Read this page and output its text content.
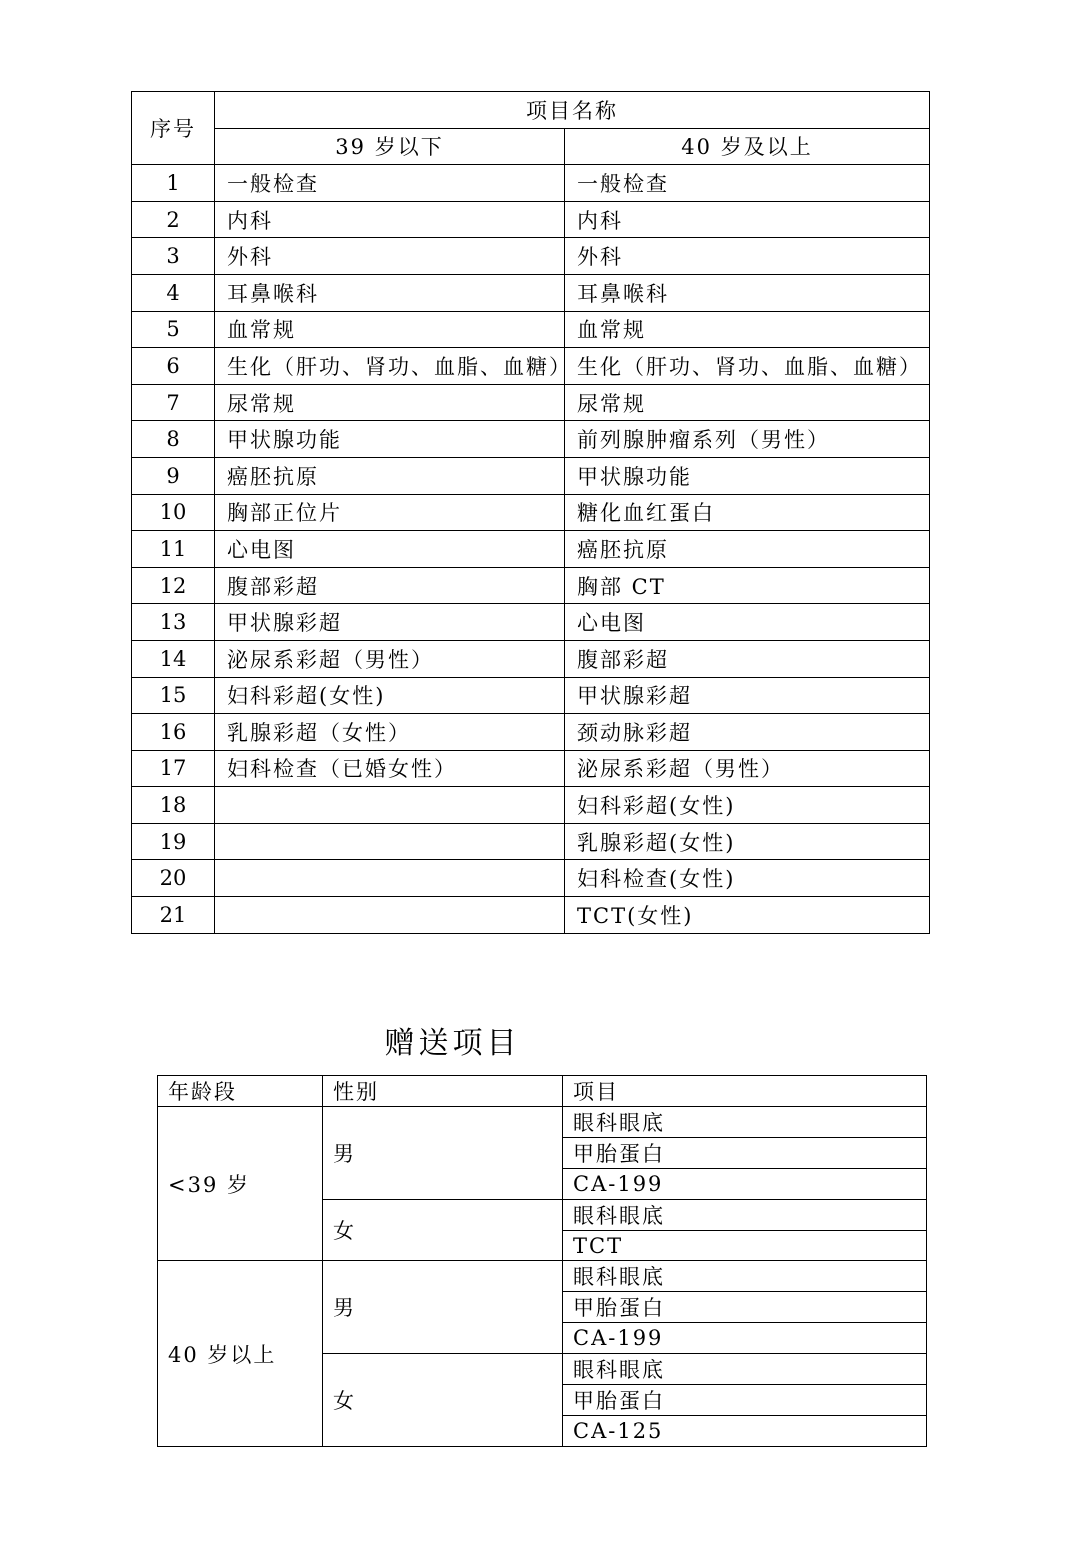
序号	项目名称	
	39 岁以下	40 岁及以上
1	一般检查	一般检查
2	内科	内科
3	外科	外科
4	耳鼻喉科	耳鼻喉科
5	血常规	血常规
6	生化（肝功、肾功、血脂、血糖）	生化（肝功、肾功、血脂、血糖）
7	尿常规	尿常规
8	甲状腺功能	前列腺肿瘤系列（男性）
9	癌胚抗原	甲状腺功能
10	胸部正位片	糖化血红蛋白
11	心电图	癌胚抗原
12	腹部彩超	胸部 CT
13	甲状腺彩超	心电图
14	泌尿系彩超（男性）	腹部彩超
15	妇科彩超(女性)	甲状腺彩超
16	乳腺彩超（女性）	颈动脉彩超
17	妇科检查（已婚女性）	泌尿系彩超（男性）
18		妇科彩超(女性)
19		乳腺彩超(女性)
20		妇科检查(女性)
21		TCT(女性)
赠送项目
年龄段	性别	项目
<39 岁	男	眼科眼底
		甲胎蛋白
		CA-199
	女	眼科眼底
		TCT
40 岁以上	男	眼科眼底
		甲胎蛋白
		CA-199
	女	眼科眼底
		甲胎蛋白
		CA-125
